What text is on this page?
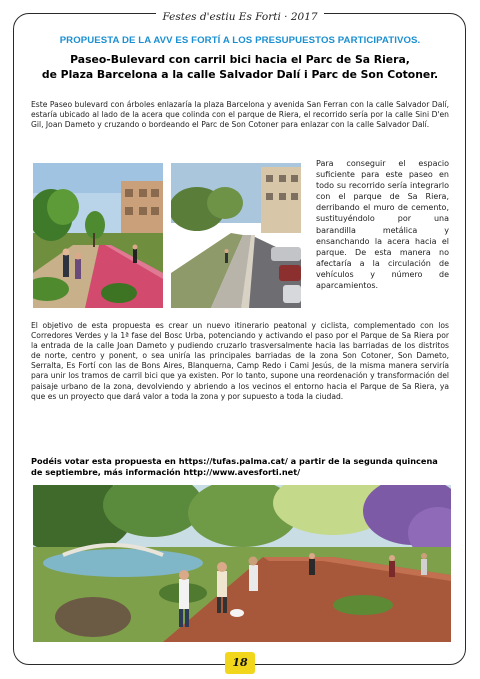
Festes d'estiu Es Forti · 2017
PROPUESTA DE LA AVV ES FORTÍ A LOS PRESUPUESTOS PARTICIPATIVOS.
Paseo-Bulevard con carril bici hacia el Parc de Sa Riera,
de Plaza Barcelona a la calle Salvador Dalí i Parc de Son Cotoner.

Este Paseo bulevard con árboles enlazaría la plaza Barcelona y avenida San Ferran con la calle Salvador Dalí, estaría ubicado al lado de la acera que colinda con el parque de Riera, el recorrido sería por la calle Sini D'en Gil, Joan Dameto y cruzando o bordeando el Parc de Son Cotoner para enlazar con la calle Salvador Dalí.

Para conseguir el espacio suficiente para este paseo en todo su recorrido sería integrarlo con el parque de Sa Riera, derribando el muro de cemento, sustituyéndolo por una barandilla metálica y ensanchando la acera hacia el parque. De esta manera no afectaría a la circulación de vehículos y número de aparcamientos.

El objetivo de esta propuesta es crear un nuevo itinerario peatonal y ciclista, complementado con los Corredores Verdes y la 1ª fase del Bosc Urba, potenciando y activando el paso por el Parque de Sa Riera por la entrada de la calle Joan Dameto y pudiendo cruzarlo trasversalmente hacia las barriadas de los distritos de norte, centro y ponent, o sea uniría las principales barriadas de la zona Son Cotoner, Son Dameto, Serralta, Es Fortí con las de Bons Aires, Blanquerna, Camp Redo i Cami Jesús, de la misma manera serviría para unir los tramos de carril bici que ya existen. Por lo tanto, supone una reordenación y transformación del paisaje urbano de la zona, devolviendo y abriendo a los vecinos el entorno hacia el Parque de Sa Riera, ya que es un proyecto que dará valor a toda la zona y por supuesto a toda la ciudad.

Podéis votar esta propuesta en https://tufas.palma.cat/ a partir de la segunda quincena de septiembre, más información http://www.avesforti.net/

18
